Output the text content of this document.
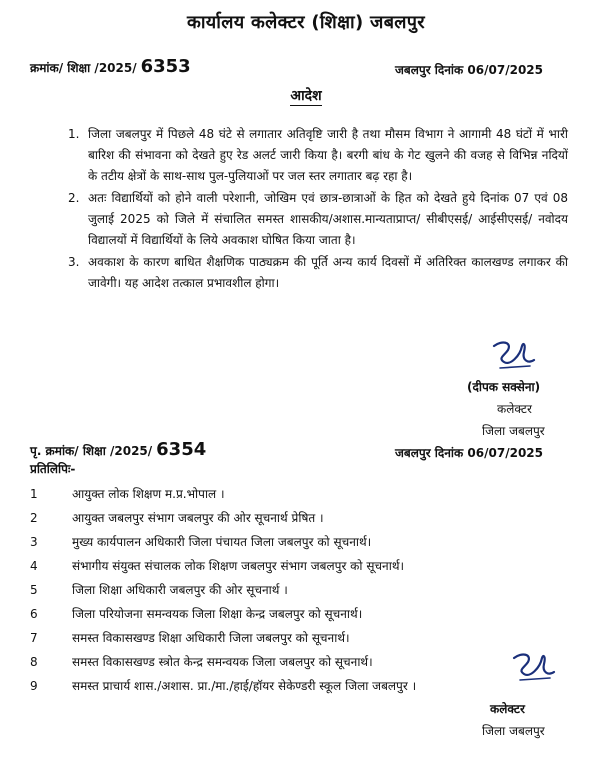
कार्यालय कलेक्टर (शिक्षा) जबलपुर
क्रमांक/ शिक्षा /2025/ 6353	जबलपुर दिनांक 06/07/2025
आदेश
1. जिला जबलपुर में पिछले 48 घंटे से लगातार अतिवृष्टि जारी है तथा मौसम विभाग ने आगामी 48 घंटों में भारी बारिश की संभावना को देखते हुए रेड अलर्ट जारी किया है। बरगी बांध के गेट खुलने की वजह से विभिन्न नदियों के तटीय क्षेत्रों के साथ-साथ पुल-पुलियाओं पर जल स्तर लगातार बढ़ रहा है।
2. अतः विद्यार्थियों को होने वाली परेशानी, जोखिम एवं छात्र-छात्राओं के हित को देखते हुये दिनांक 07 एवं 08 जुलाई 2025 को जिले में संचालित समस्त शासकीय/अशास.मान्यताप्राप्त/ सीबीएसई/ आईसीएसई/ नवोदय विद्यालयों में विद्यार्थियों के लिये अवकाश घोषित किया जाता है।
3. अवकाश के कारण बाधित शैक्षणिक पाठ्यक्रम की पूर्ति अन्य कार्य दिवसों में अतिरिक्त कालखण्ड लगाकर की जावेगी। यह आदेश तत्काल प्रभावशील होगा।
(दीपक सक्सेना)
कलेक्टर
जिला जबलपुर
पृ. क्रमांक/ शिक्षा /2025/ 6354	जबलपुर दिनांक 06/07/2025
प्रतिलिपिः-
1	आयुक्त लोक शिक्षण म.प्र.भोपाल ।
2	आयुक्त जबलपुर संभाग जबलपुर की ओर सूचनार्थ प्रेषित ।
3	मुख्य कार्यपालन अधिकारी जिला पंचायत जिला जबलपुर को सूचनार्थ।
4	संभागीय संयुक्त संचालक लोक शिक्षण जबलपुर संभाग जबलपुर को सूचनार्थ।
5	जिला शिक्षा अधिकारी जबलपुर की ओर सूचनार्थ ।
6	जिला परियोजना समन्वयक जिला शिक्षा केन्द्र जबलपुर को सूचनार्थ।
7	समस्त विकासखण्ड शिक्षा अधिकारी जिला जबलपुर को सूचनार्थ।
8	समस्त विकासखण्ड स्त्रोत केन्द्र समन्वयक जिला जबलपुर को सूचनार्थ।
9	समस्त प्राचार्य शास./अशास. प्रा./मा./हाई/हॉयर सेकेण्डरी स्कूल जिला जबलपुर ।
कलेक्टर
जिला जबलपुर
